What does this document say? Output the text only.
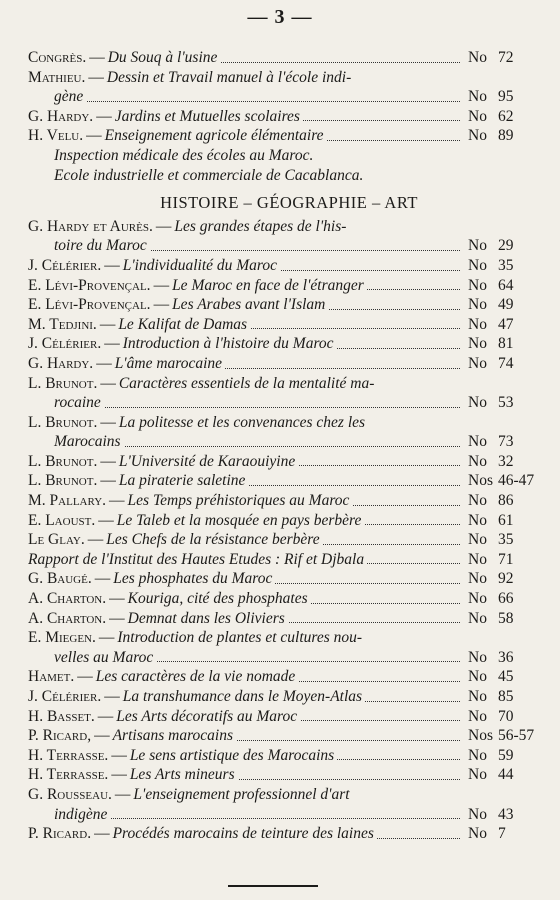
— 3 —
Congrès. — Du Souq à l'usine	No 72
Mathieu. — Dessin et Travail manuel à l'école indi-
gène	No 95
G. Hardy. — Jardins et Mutuelles scolaires	No 62
H. Velu. — Enseignement agricole élémentaire	No 89
Inspection médicale des écoles au Maroc.
Ecole industrielle et commerciale de Cacablanca.
HISTOIRE – GÉOGRAPHIE – ART
G. Hardy et Aurès. — Les grandes étapes de l'his-
toire du Maroc	No 29
J. Célérier. — L'individualité du Maroc	No 35
E. Lévi-Provençal. — Le Maroc en face de l'étranger	No 64
E. Lévi-Provençal. — Les Arabes avant l'Islam	No 49
M. Tedjini. — Le Kalifat de Damas	No 47
J. Célérier. — Introduction à l'histoire du Maroc	No 81
G. Hardy. — L'âme marocaine	No 74
L. Brunot. — Caractères essentiels de la mentalité ma-
rocaine	No 53
L. Brunot. — La politesse et les convenances chez les
Marocains	No 73
L. Brunot. — L'Université de Karaouiyine	No 32
L. Brunot. — La piraterie saletine	Nos 46-47
M. Pallary. — Les Temps préhistoriques au Maroc	No 86
E. Laoust. — Le Taleb et la mosquée en pays berbère	No 61
Le Glay. — Les Chefs de la résistance berbère	No 35
Rapport de l'Institut des Hautes Etudes : Rif et Djbala	No 71
G. Baugé. — Les phosphates du Maroc	No 92
A. Charton. — Kouriga, cité des phosphates	No 66
A. Charton. — Demnat dans les Oliviers	No 58
E. Miegen. — Introduction de plantes et cultures nou-
velles au Maroc	No 36
Hamet. — Les caractères de la vie nomade	No 45
J. Célérier. — La transhumance dans le Moyen-Atlas	No 85
H. Basset. — Les Arts décoratifs au Maroc	No 70
P. Ricard, — Artisans marocains	Nos 56-57
H. Terrasse. — Le sens artistique des Marocains	No 59
H. Terrasse. — Les Arts mineurs	No 44
G. Rousseau. — L'enseignement professionnel d'art
indigène	No 43
P. Ricard. — Procédés marocains de teinture des laines	No 7
